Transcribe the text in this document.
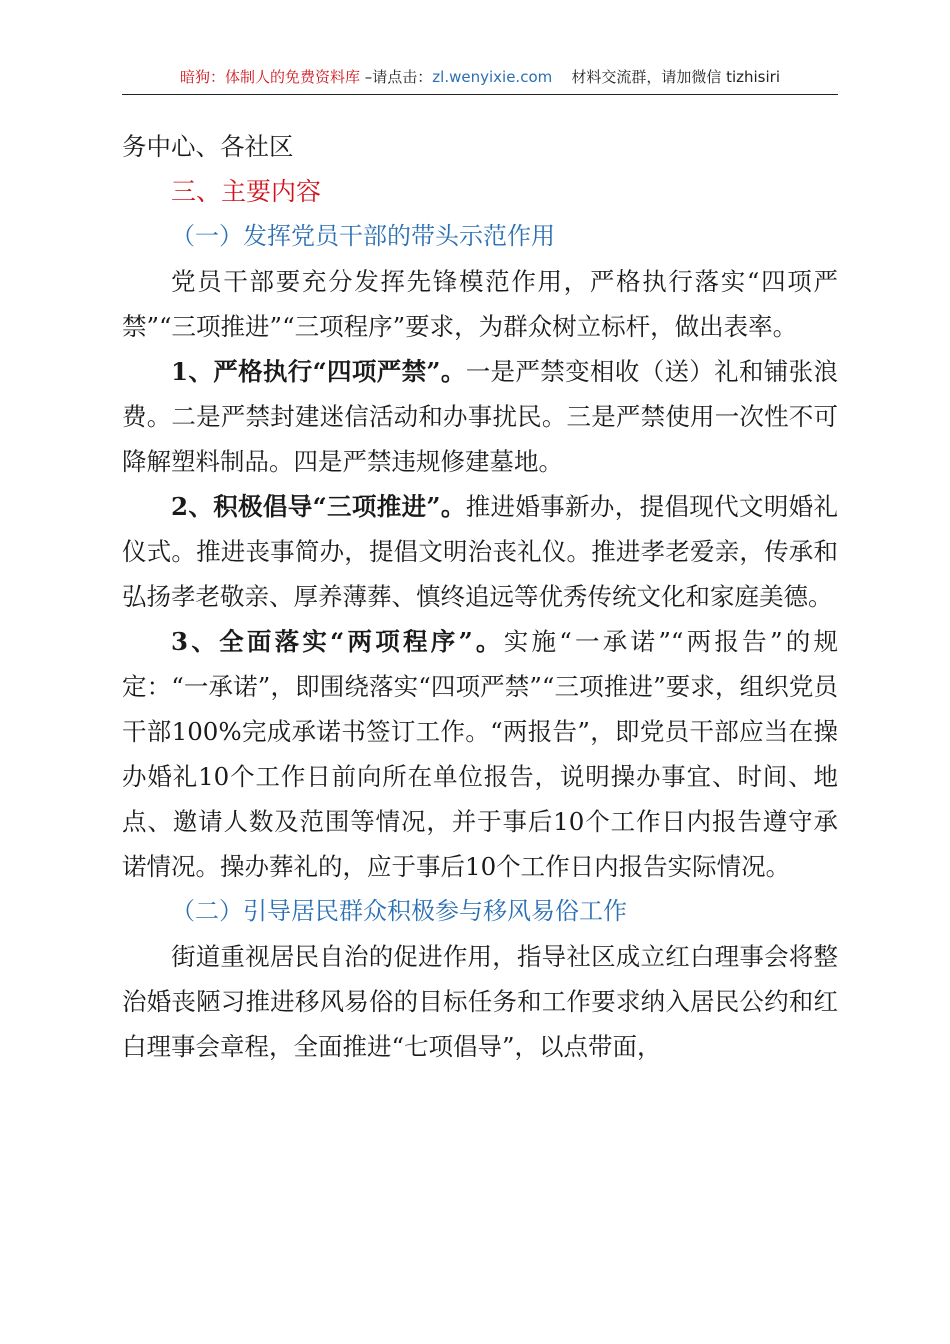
暗狗：体制人的免费资料库 –请点击：zl.wenyixie.com 材料交流群，请加微信 tizhisiri

务中心、各社区

三、主要内容

（一）发挥党员干部的带头示范作用

党员干部要充分发挥先锋模范作用，严格执行落实“四项严禁”“三项推进”“三项程序”要求，为群众树立标杆，做出表率。

1、严格执行“四项严禁”。一是严禁变相收（送）礼和铺张浪费。二是严禁封建迷信活动和办事扰民。三是严禁使用一次性不可降解塑料制品。四是严禁违规修建墓地。

2、积极倡导“三项推进”。推进婚事新办，提倡现代文明婚礼仪式。推进丧事简办，提倡文明治丧礼仪。推进孝老爱亲，传承和弘扬孝老敬亲、厚养薄葬、慎终追远等优秀传统文化和家庭美德。

3、全面落实“两项程序”。实施“一承诺”“两报告”的规定：“一承诺”，即围绕落实“四项严禁”“三项推进”要求，组织党员干部100%完成承诺书签订工作。“两报告”，即党员干部应当在操办婚礼10个工作日前向所在单位报告，说明操办事宜、时间、地点、邀请人数及范围等情况，并于事后10个工作日内报告遵守承诺情况。操办葬礼的，应于事后10个工作日内报告实际情况。

（二）引导居民群众积极参与移风易俗工作

街道重视居民自治的促进作用，指导社区成立红白理事会将整治婚丧陋习推进移风易俗的目标任务和工作要求纳入居民公约和红白理事会章程，全面推进“七项倡导”，以点带面，
